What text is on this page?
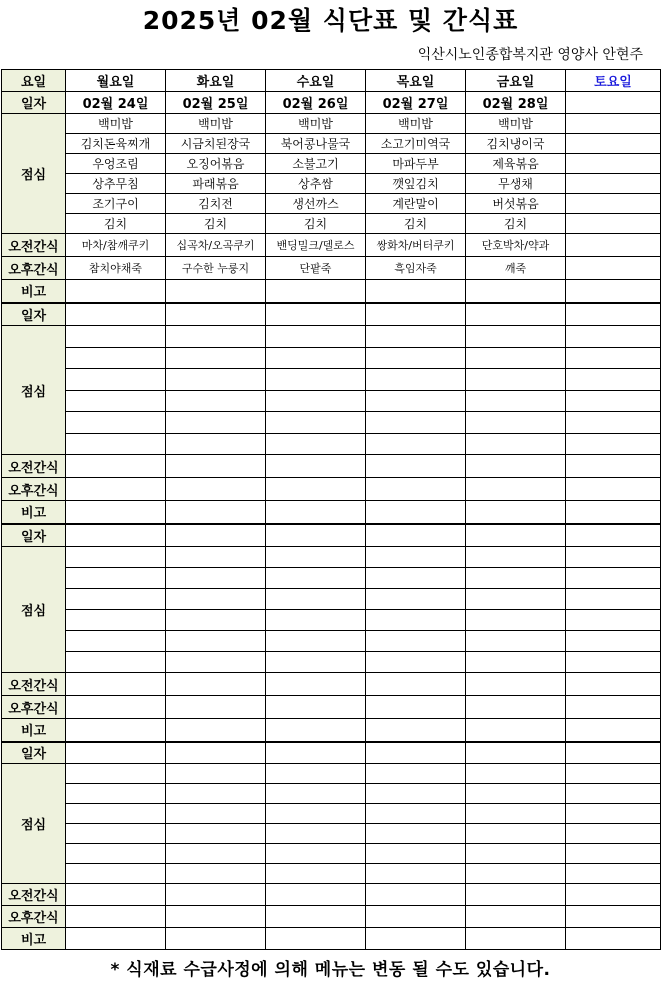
2025년 02월 식단표 및 간식표
익산시노인종합복지관 영양사 안현주
요일	월요일	화요일	수요일	목요일	금요일	토요일
일자	02월 24일	02월 25일	02월 26일	02월 27일	02월 28일	
점심	백미밥	백미밥	백미밥	백미밥	백미밥	
	김치돈육찌개	시금치된장국	북어콩나물국	소고기미역국	김치냉이국	
	우엉조림	오징어볶음	소불고기	마파두부	제육볶음	
	상추무침	파래볶음	상추쌈	깻잎김치	무생채	
	조기구이	김치전	생선까스	계란말이	버섯볶음	
	김치	김치	김치	김치	김치	
오전간식	마차/참깨쿠키	십곡차/오곡쿠키	밴딩밀크/델로스	쌍화차/버터쿠키	단호박차/약과	
오후간식	참치야채죽	구수한 누룽지	단팥죽	흑임자죽	깨죽	
비고						
일자						
점심						

오전간식						
오후간식						
비고						
일자						
점심						

오전간식						
오후간식						
비고						
일자						
점심						

오전간식						
오후간식						
비고						
* 식재료 수급사정에 의해 메뉴는 변동 될 수도 있습니다.
